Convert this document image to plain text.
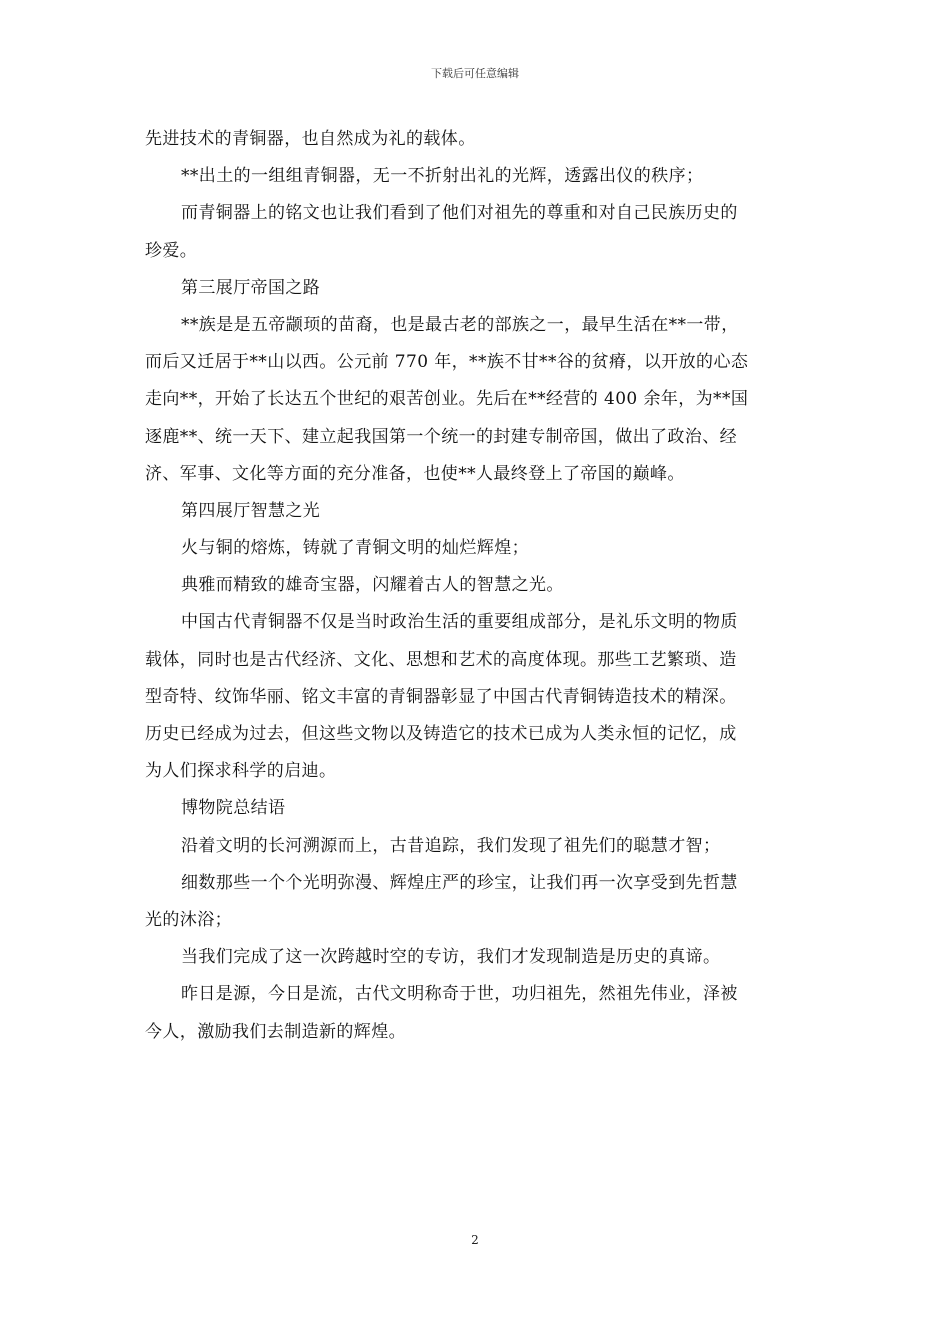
下载后可任意编辑
先进技术的青铜器，也自然成为礼的载体。
**出土的一组组青铜器，无一不折射出礼的光辉，透露出仪的秩序；
而青铜器上的铭文也让我们看到了他们对祖先的尊重和对自己民族历史的
珍爱。
第三展厅帝国之路
**族是是五帝颛顼的苗裔，也是最古老的部族之一，最早生活在**一带，
而后又迁居于**山以西。公元前 770 年，**族不甘**谷的贫瘠，以开放的心态
走向**，开始了长达五个世纪的艰苦创业。先后在**经营的 400 余年，为**国
逐鹿**、统一天下、建立起我国第一个统一的封建专制帝国，做出了政治、经
济、军事、文化等方面的充分准备，也使**人最终登上了帝国的巅峰。
第四展厅智慧之光
火与铜的熔炼，铸就了青铜文明的灿烂辉煌；
典雅而精致的雄奇宝器，闪耀着古人的智慧之光。
中国古代青铜器不仅是当时政治生活的重要组成部分，是礼乐文明的物质
载体，同时也是古代经济、文化、思想和艺术的高度体现。那些工艺繁琐、造
型奇特、纹饰华丽、铭文丰富的青铜器彰显了中国古代青铜铸造技术的精深。
历史已经成为过去，但这些文物以及铸造它的技术已成为人类永恒的记忆，成
为人们探求科学的启迪。
博物院总结语
沿着文明的长河溯源而上，古昔追踪，我们发现了祖先们的聪慧才智；
细数那些一个个光明弥漫、辉煌庄严的珍宝，让我们再一次享受到先哲慧
光的沐浴；
当我们完成了这一次跨越时空的专访，我们才发现制造是历史的真谛。
昨日是源，今日是流，古代文明称奇于世，功归祖先，然祖先伟业，泽被
今人，激励我们去制造新的辉煌。
2
